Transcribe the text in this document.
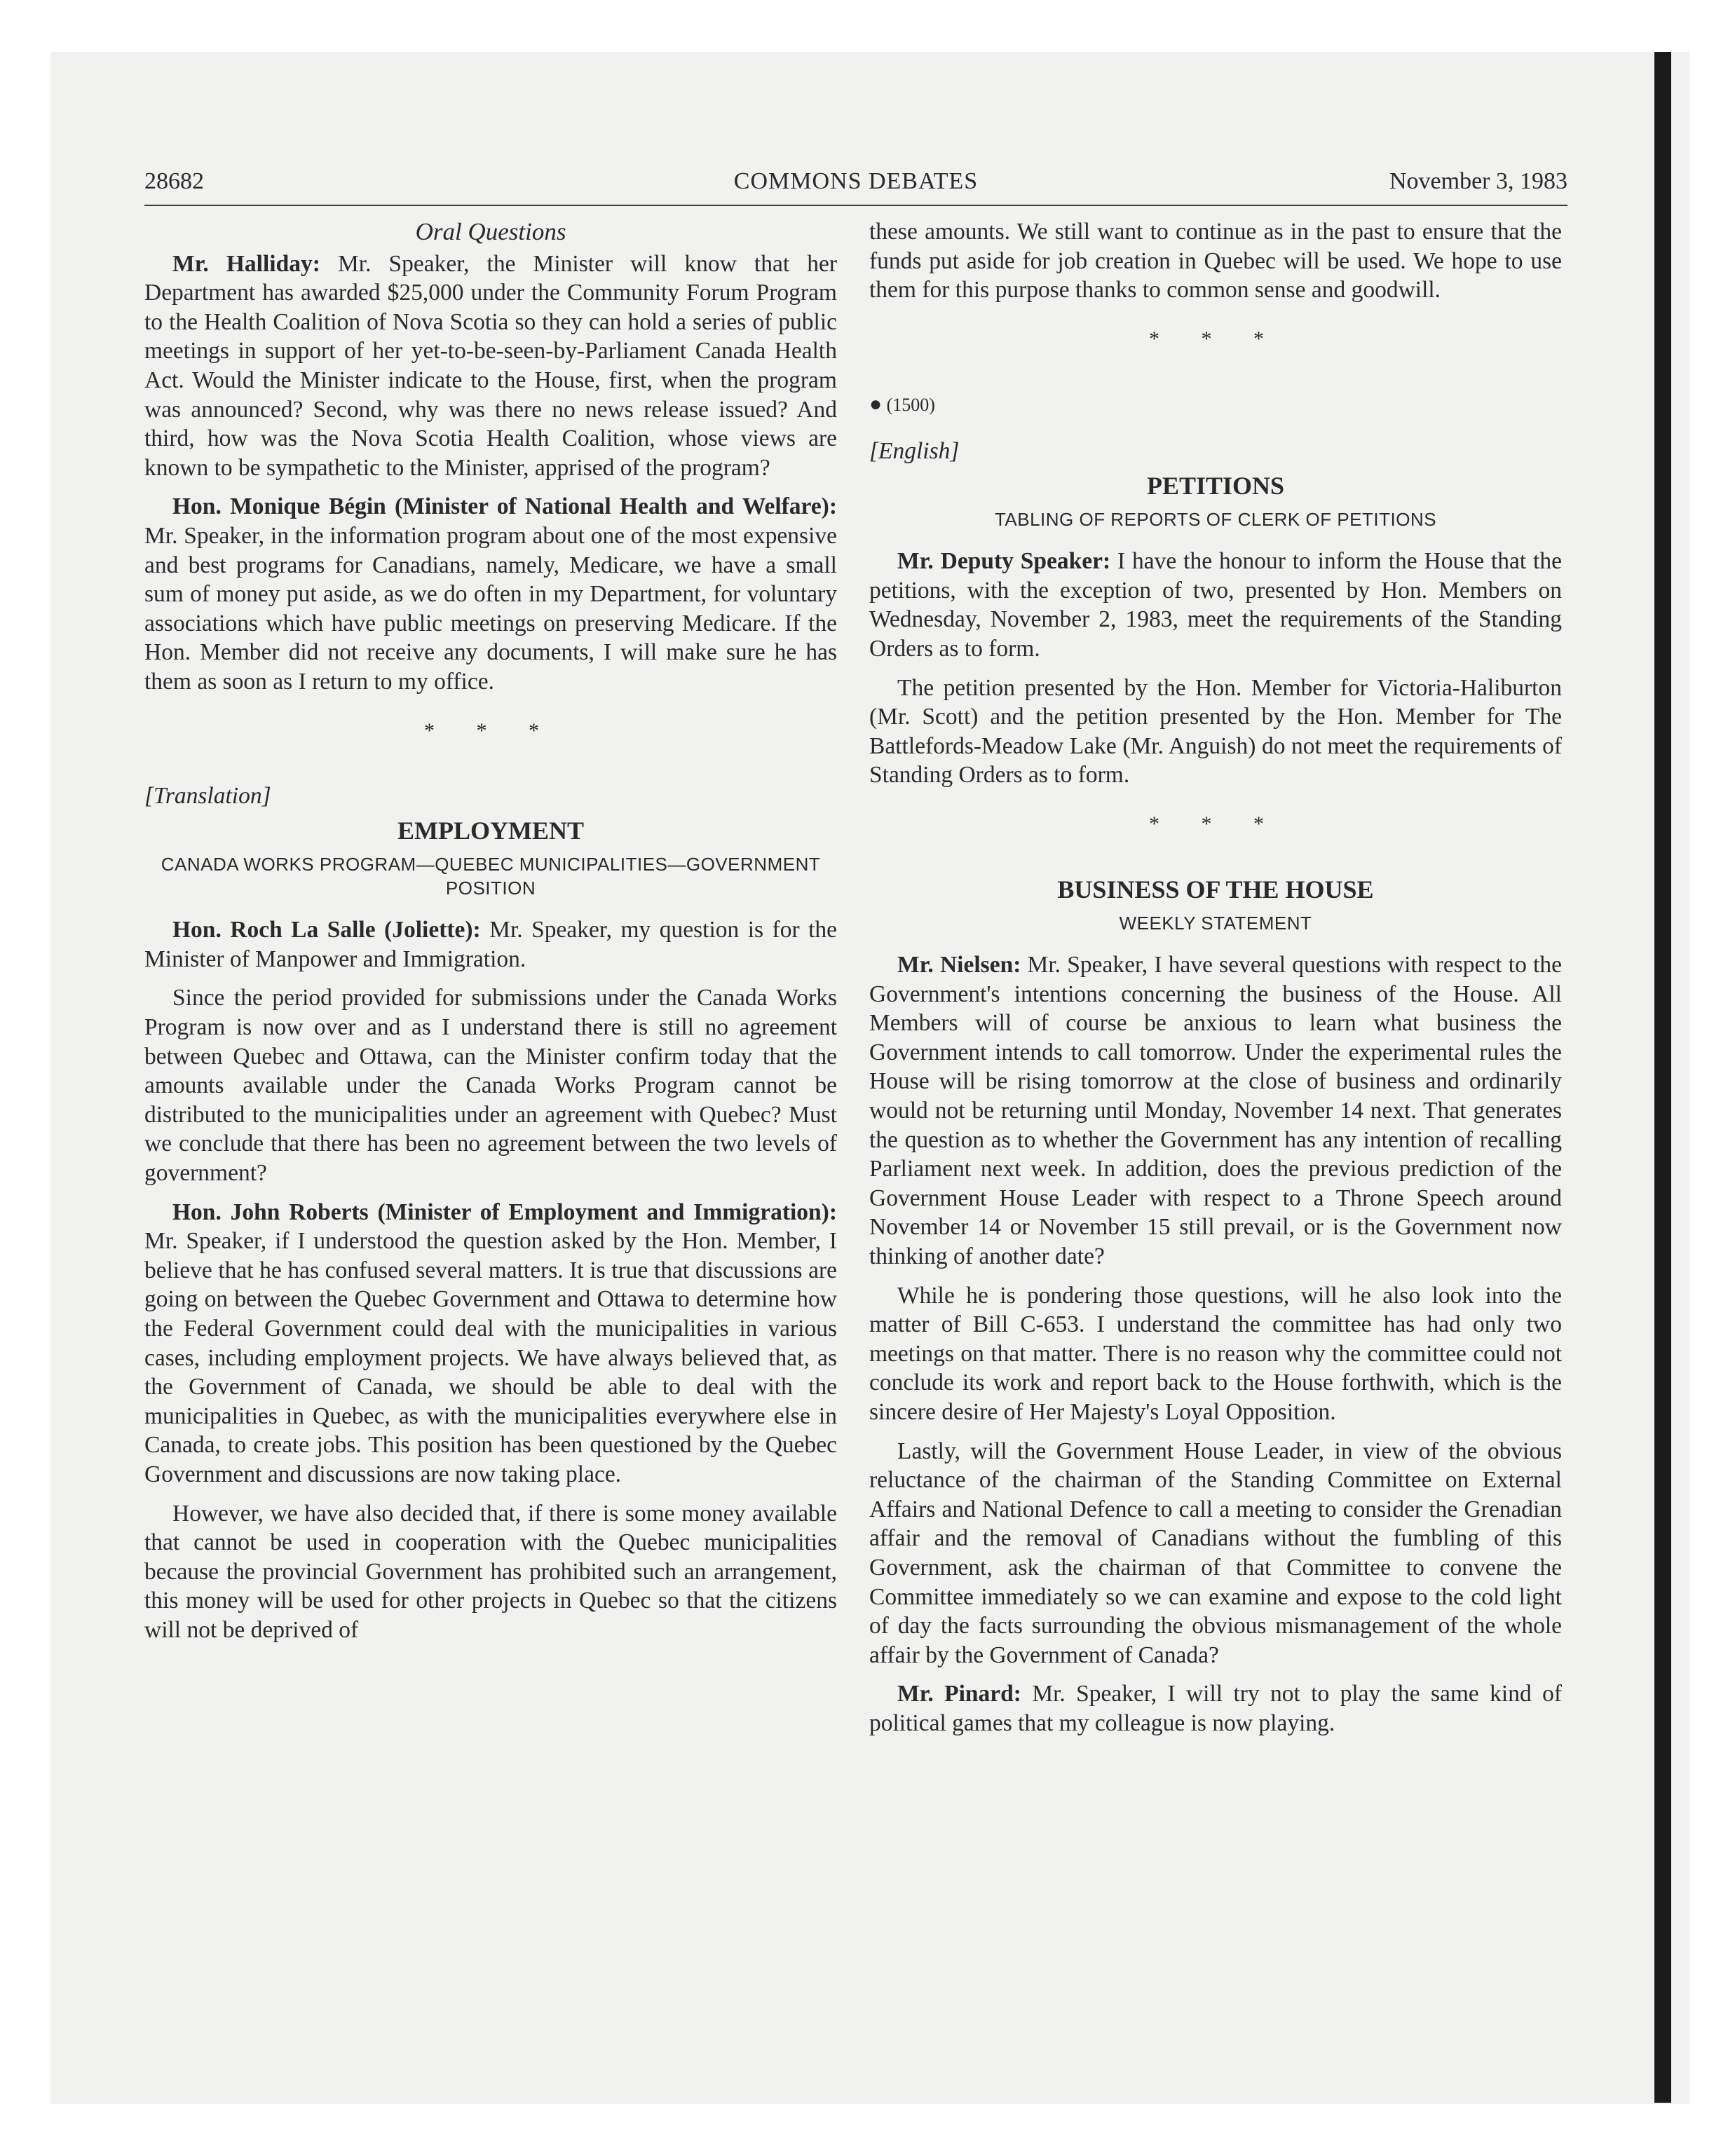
28682	COMMONS DEBATES	November 3, 1983
Oral Questions

Mr. Halliday: Mr. Speaker, the Minister will know that her Department has awarded $25,000 under the Community Forum Program to the Health Coalition of Nova Scotia so they can hold a series of public meetings in support of her yet-to-be-seen-by-Parliament Canada Health Act. Would the Minister indicate to the House, first, when the program was announced? Second, why was there no news release issued? And third, how was the Nova Scotia Health Coalition, whose views are known to be sympathetic to the Minister, apprised of the program?

Hon. Monique Bégin (Minister of National Health and Welfare): Mr. Speaker, in the information program about one of the most expensive and best programs for Canadians, namely, Medicare, we have a small sum of money put aside, as we do often in my Department, for voluntary associations which have public meetings on preserving Medicare. If the Hon. Member did not receive any documents, I will make sure he has them as soon as I return to my office.

* * *
[Translation]
EMPLOYMENT
CANADA WORKS PROGRAM—QUEBEC MUNICIPALITIES—GOVERNMENT POSITION

Hon. Roch La Salle (Joliette): Mr. Speaker, my question is for the Minister of Manpower and Immigration.

Since the period provided for submissions under the Canada Works Program is now over and as I understand there is still no agreement between Quebec and Ottawa, can the Minister confirm today that the amounts available under the Canada Works Program cannot be distributed to the municipalities under an agreement with Quebec? Must we conclude that there has been no agreement between the two levels of government?

Hon. John Roberts (Minister of Employment and Immigration): Mr. Speaker, if I understood the question asked by the Hon. Member, I believe that he has confused several matters. It is true that discussions are going on between the Quebec Government and Ottawa to determine how the Federal Government could deal with the municipalities in various cases, including employment projects. We have always believed that, as the Government of Canada, we should be able to deal with the municipalities in Quebec, as with the municipalities everywhere else in Canada, to create jobs. This position has been questioned by the Quebec Government and discussions are now taking place.

However, we have also decided that, if there is some money available that cannot be used in cooperation with the Quebec municipalities because the provincial Government has prohibited such an arrangement, this money will be used for other projects in Quebec so that the citizens will not be deprived of

these amounts. We still want to continue as in the past to ensure that the funds put aside for job creation in Quebec will be used. We hope to use them for this purpose thanks to common sense and goodwill.

* * *
● (1500)
[English]
PETITIONS
TABLING OF REPORTS OF CLERK OF PETITIONS

Mr. Deputy Speaker: I have the honour to inform the House that the petitions, with the exception of two, presented by Hon. Members on Wednesday, November 2, 1983, meet the requirements of the Standing Orders as to form.

The petition presented by the Hon. Member for Victoria-Haliburton (Mr. Scott) and the petition presented by the Hon. Member for The Battlefords-Meadow Lake (Mr. Anguish) do not meet the requirements of Standing Orders as to form.

* * *
BUSINESS OF THE HOUSE
WEEKLY STATEMENT

Mr. Nielsen: Mr. Speaker, I have several questions with respect to the Government's intentions concerning the business of the House. All Members will of course be anxious to learn what business the Government intends to call tomorrow. Under the experimental rules the House will be rising tomorrow at the close of business and ordinarily would not be returning until Monday, November 14 next. That generates the question as to whether the Government has any intention of recalling Parliament next week. In addition, does the previous prediction of the Government House Leader with respect to a Throne Speech around November 14 or November 15 still prevail, or is the Government now thinking of another date?

While he is pondering those questions, will he also look into the matter of Bill C-653. I understand the committee has had only two meetings on that matter. There is no reason why the committee could not conclude its work and report back to the House forthwith, which is the sincere desire of Her Majesty's Loyal Opposition.

Lastly, will the Government House Leader, in view of the obvious reluctance of the chairman of the Standing Committee on External Affairs and National Defence to call a meeting to consider the Grenadian affair and the removal of Canadians without the fumbling of this Government, ask the chairman of that Committee to convene the Committee immediately so we can examine and expose to the cold light of day the facts surrounding the obvious mismanagement of the whole affair by the Government of Canada?

Mr. Pinard: Mr. Speaker, I will try not to play the same kind of political games that my colleague is now playing.
